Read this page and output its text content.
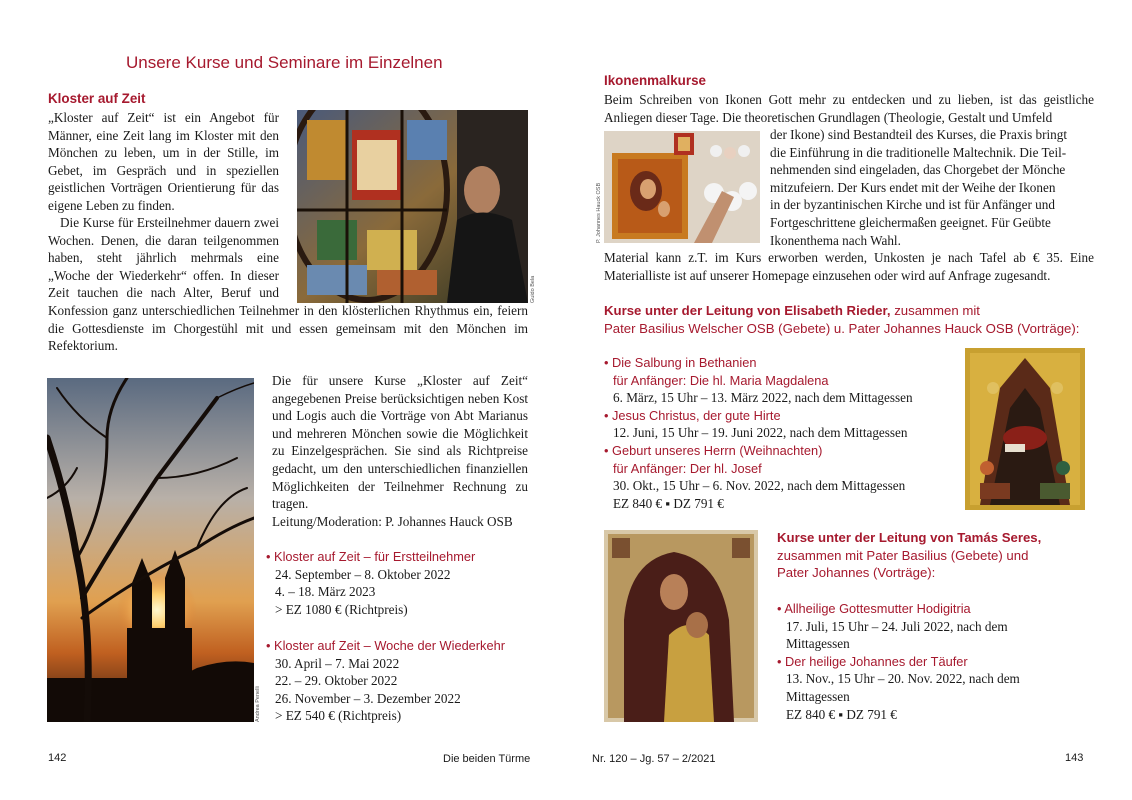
Unsere Kurse und Seminare im Einzelnen
Kloster auf Zeit
Guido Bela

„Kloster auf Zeit“ ist ein Angebot für Männer, eine Zeit lang im Kloster mit den Mönchen zu leben, um in der Stille, im Gebet, im Gespräch und in speziellen geistlichen Vorträgen Orientierung für das eigene Leben zu finden.

Die Kurse für Ersteilnehmer dauern zwei Wochen. Denen, die daran teilgenommen haben, steht jährlich mehrmals eine „Woche der Wiederkehr“ offen. In dieser Zeit tauchen die nach Alter, Beruf und Konfession ganz unterschiedlichen Teilnehmer in den klösterlichen Rhythmus ein, feiern die Gottesdienste im Chorgestühl mit und essen gemeinsam mit den Mönchen im Refektorium.

Andrea Penelli

Die für unsere Kurse „Kloster auf Zeit“ angegebenen Preise berücksichtigen neben Kost und Logis auch die Vorträge von Abt Marianus und mehreren Mönchen sowie die Möglichkeit zu Einzelgesprächen. Sie sind als Richtpreise gedacht, um den unterschiedlichen finanziellen Möglichkeiten der Teilnehmer Rechnung zu tragen.

Leitung/Moderation: P. Johannes Hauck OSB
• Kloster auf Zeit – für Erstteilnehmer
24. September – 8. Oktober 2022
4. – 18. März 2023
> EZ 1080 € (Richtpreis)
• Kloster auf Zeit – Woche der Wiederkehr
30. April – 7. Mai 2022
22. – 29. Oktober 2022
26. November – 3. Dezember 2022
> EZ 540 € (Richtpreis)
142	Die beiden Türme
Ikonenmalkurse

Beim Schreiben von Ikonen Gott mehr zu entdecken und zu lieben, ist das geistliche Anliegen dieser Tage. Die theoretischen Grundlagen (Theologie, Gestalt und Umfeld

P. Johannes Hauck OSB
der Ikone) sind Bestandteil des Kurses, die Praxis bringt
die Einführung in die traditionelle Maltechnik. Die Teil-
nehmenden sind eingeladen, das Chorgebet der Mönche
mitzufeiern. Der Kurs endet mit der Weihe der Ikonen
in der byzantinischen Kirche und ist für Anfänger und
Fortgeschrittene gleichermaßen geeignet. Für Geübte
Ikonenthema nach Wahl.

Material kann z.T. im Kurs erworben werden, Unkosten je nach Tafel ab € 35. Eine Materialliste ist auf unserer Homepage einzusehen oder wird auf Anfrage zugesandt.

Kurse unter der Leitung von Elisabeth Rieder, zusammen mit
Pater Basilius Welscher OSB (Gebete) u. Pater Johannes Hauck OSB (Vorträge):
• Die Salbung in Bethanien
für Anfänger: Die hl. Maria Magdalena
6. März, 15 Uhr – 13. März 2022, nach dem Mittagessen
• Jesus Christus, der gute Hirte
12. Juni, 15 Uhr – 19. Juni 2022, nach dem Mittagessen
• Geburt unseres Herrn (Weihnachten)
für Anfänger: Der hl. Josef
30. Okt., 15 Uhr – 6. Nov. 2022, nach dem Mittagessen
EZ 840 € ▪ DZ 791 €
Kurse unter der Leitung von Tamás Seres,
zusammen mit Pater Basilius (Gebete) und
Pater Johannes (Vorträge):
• Allheilige Gottesmutter Hodigitria
17. Juli, 15 Uhr – 24. Juli 2022, nach dem
Mittagessen
• Der heilige Johannes der Täufer
13. Nov., 15 Uhr – 20. Nov. 2022, nach dem
Mittagessen
EZ 840 € ▪ DZ 791 €
Nr. 120 – Jg. 57 – 2/2021	143
